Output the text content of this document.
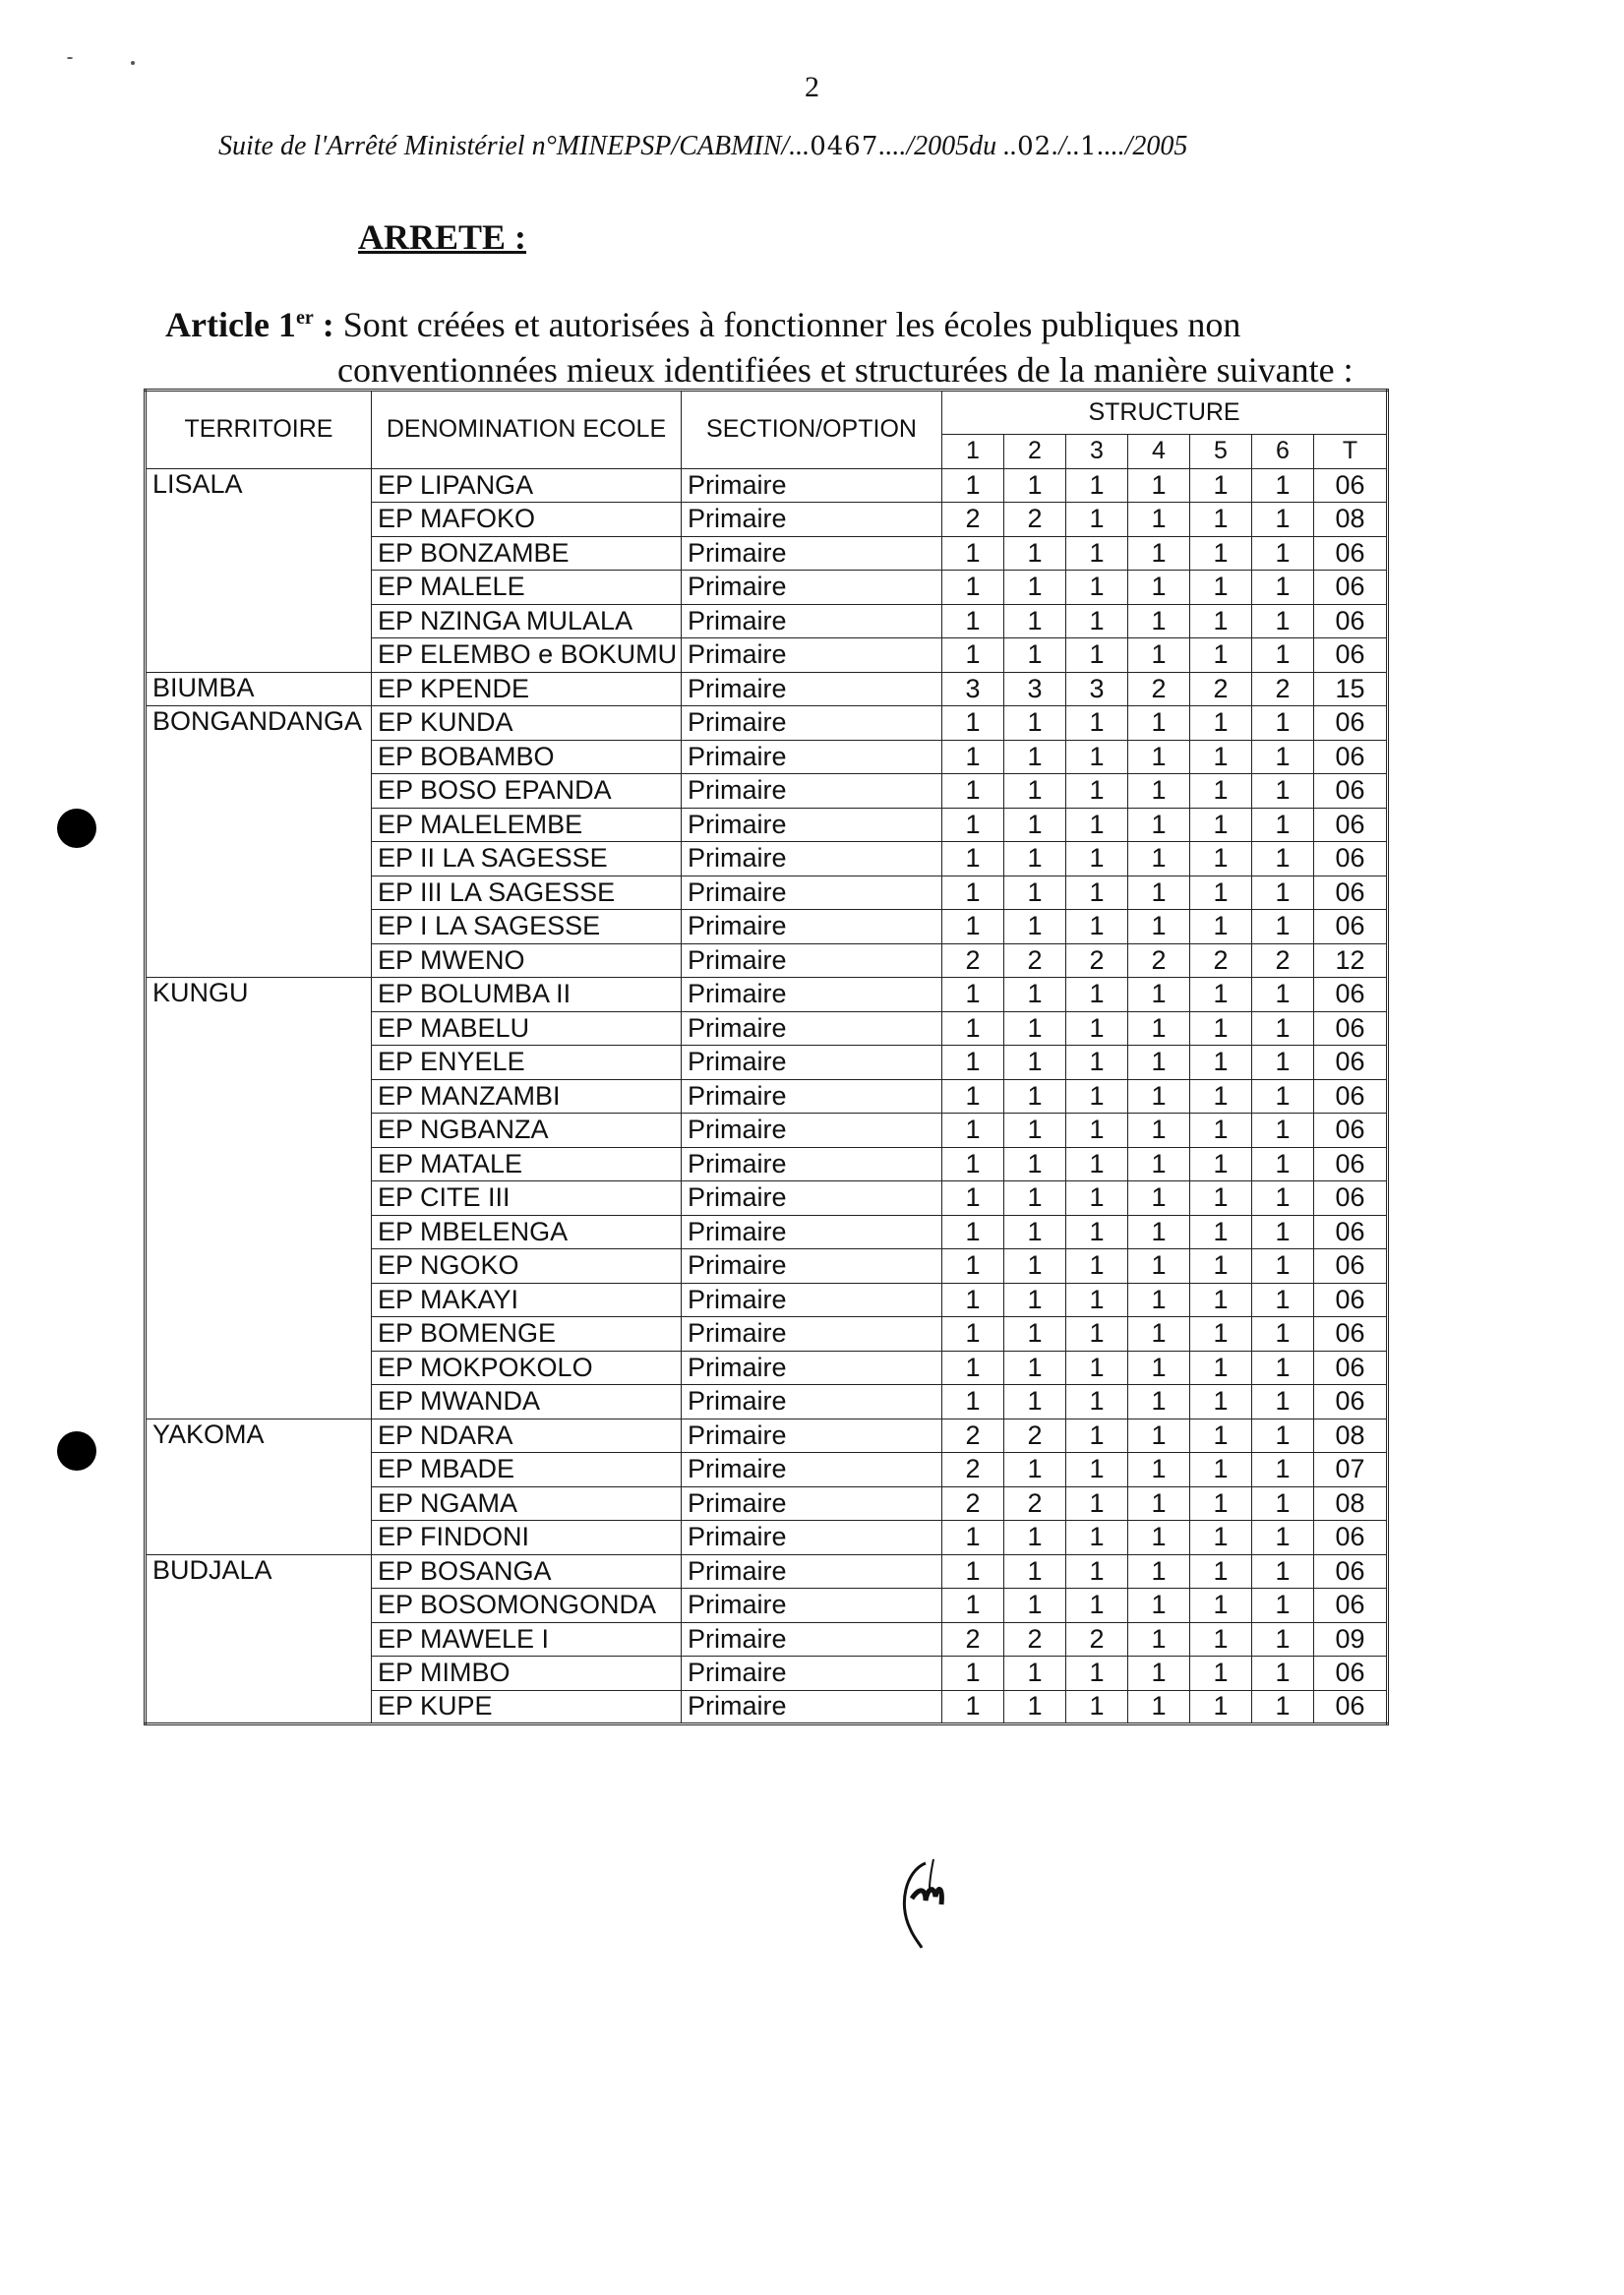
2
Suite de l'Arrêté Ministériel n°MINEPSP/CABMIN/...0467..../2005du ..02./..1..../2005
ARRETE :
Article 1er : Sont créées et autorisées à fonctionner les écoles publiques non
conventionnées mieux identifiées et structurées de la manière suivante :
TERRITOIRE	DENOMINATION ECOLE	SECTION/OPTION	STRUCTURE						
			1	2	3	4	5	6	T
LISALA	EP LIPANGA	Primaire	1	1	1	1	1	1	06
	EP MAFOKO	Primaire	2	2	1	1	1	1	08
	EP BONZAMBE	Primaire	1	1	1	1	1	1	06
	EP MALELE	Primaire	1	1	1	1	1	1	06
	EP NZINGA MULALA	Primaire	1	1	1	1	1	1	06
	EP ELEMBO e BOKUMU	Primaire	1	1	1	1	1	1	06
BIUMBA	EP KPENDE	Primaire	3	3	3	2	2	2	15
BONGANDANGA	EP KUNDA	Primaire	1	1	1	1	1	1	06
	EP BOBAMBO	Primaire	1	1	1	1	1	1	06
	EP BOSO EPANDA	Primaire	1	1	1	1	1	1	06
	EP MALELEMBE	Primaire	1	1	1	1	1	1	06
	EP II LA SAGESSE	Primaire	1	1	1	1	1	1	06
	EP III LA SAGESSE	Primaire	1	1	1	1	1	1	06
	EP I LA SAGESSE	Primaire	1	1	1	1	1	1	06
	EP MWENO	Primaire	2	2	2	2	2	2	12
KUNGU	EP BOLUMBA II	Primaire	1	1	1	1	1	1	06
	EP MABELU	Primaire	1	1	1	1	1	1	06
	EP ENYELE	Primaire	1	1	1	1	1	1	06
	EP MANZAMBI	Primaire	1	1	1	1	1	1	06
	EP NGBANZA	Primaire	1	1	1	1	1	1	06
	EP MATALE	Primaire	1	1	1	1	1	1	06
	EP CITE III	Primaire	1	1	1	1	1	1	06
	EP MBELENGA	Primaire	1	1	1	1	1	1	06
	EP NGOKO	Primaire	1	1	1	1	1	1	06
	EP MAKAYI	Primaire	1	1	1	1	1	1	06
	EP BOMENGE	Primaire	1	1	1	1	1	1	06
	EP MOKPOKOLO	Primaire	1	1	1	1	1	1	06
	EP MWANDA	Primaire	1	1	1	1	1	1	06
YAKOMA	EP NDARA	Primaire	2	2	1	1	1	1	08
	EP MBADE	Primaire	2	1	1	1	1	1	07
	EP NGAMA	Primaire	2	2	1	1	1	1	08
	EP FINDONI	Primaire	1	1	1	1	1	1	06
BUDJALA	EP BOSANGA	Primaire	1	1	1	1	1	1	06
	EP BOSOMONGONDA	Primaire	1	1	1	1	1	1	06
	EP MAWELE I	Primaire	2	2	2	1	1	1	09
	EP MIMBO	Primaire	1	1	1	1	1	1	06
	EP KUPE	Primaire	1	1	1	1	1	1	06
